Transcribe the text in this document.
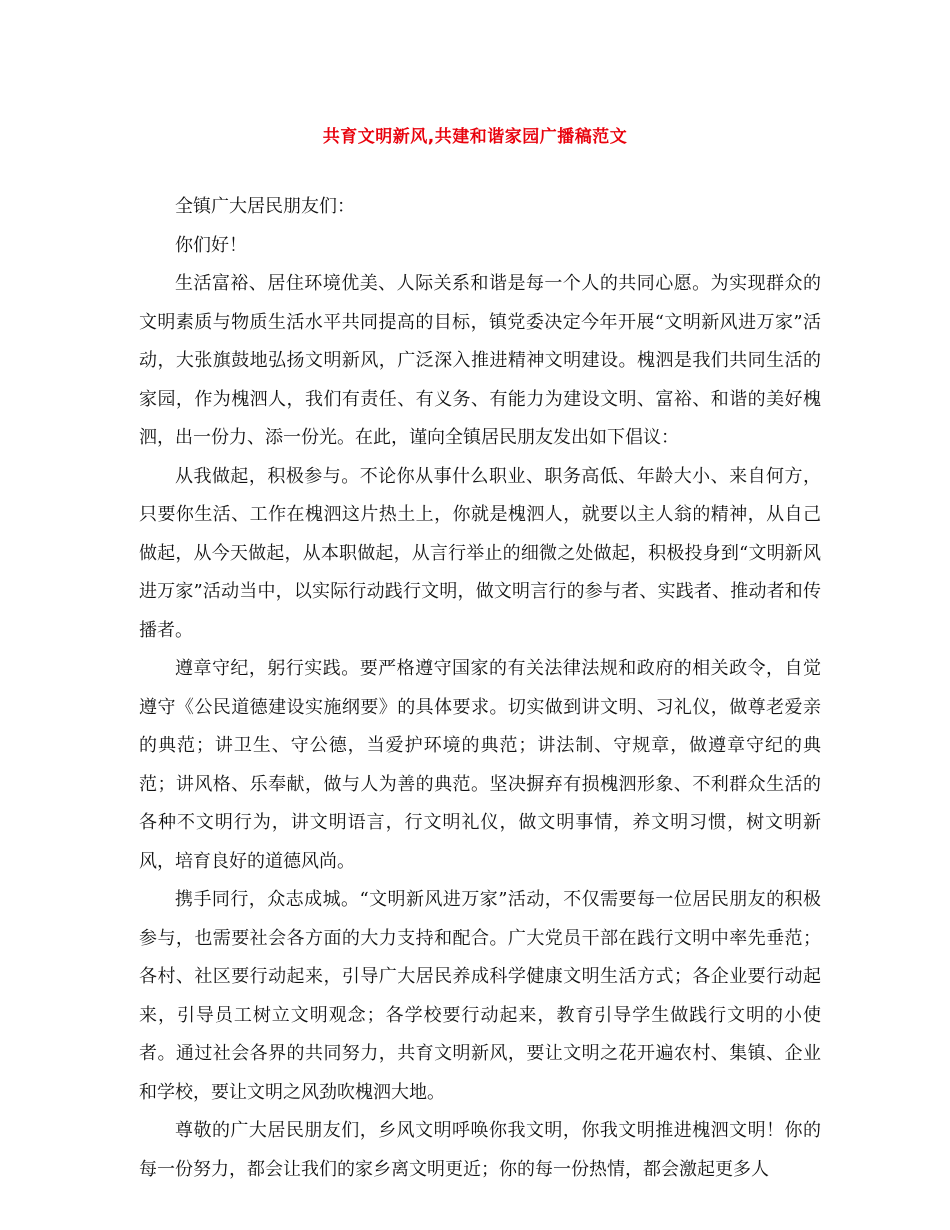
共育文明新风,共建和谐家园广播稿范文

全镇广大居民朋友们：

你们好！

生活富裕、居住环境优美、人际关系和谐是每一个人的共同心愿。为实现群众的文明素质与物质生活水平共同提高的目标，镇党委决定今年开展“文明新风进万家”活动，大张旗鼓地弘扬文明新风，广泛深入推进精神文明建设。槐泗是我们共同生活的家园，作为槐泗人，我们有责任、有义务、有能力为建设文明、富裕、和谐的美好槐泗，出一份力、添一份光。在此，谨向全镇居民朋友发出如下倡议：

从我做起，积极参与。不论你从事什么职业、职务高低、年龄大小、来自何方，只要你生活、工作在槐泗这片热土上，你就是槐泗人，就要以主人翁的精神，从自己做起，从今天做起，从本职做起，从言行举止的细微之处做起，积极投身到“文明新风进万家”活动当中，以实际行动践行文明，做文明言行的参与者、实践者、推动者和传播者。

遵章守纪，躬行实践。要严格遵守国家的有关法律法规和政府的相关政令，自觉遵守《公民道德建设实施纲要》的具体要求。切实做到讲文明、习礼仪，做尊老爱亲的典范；讲卫生、守公德，当爱护环境的典范；讲法制、守规章，做遵章守纪的典范；讲风格、乐奉献，做与人为善的典范。坚决摒弃有损槐泗形象、不利群众生活的各种不文明行为，讲文明语言，行文明礼仪，做文明事情，养文明习惯，树文明新风，培育良好的道德风尚。

携手同行，众志成城。“文明新风进万家”活动，不仅需要每一位居民朋友的积极参与，也需要社会各方面的大力支持和配合。广大党员干部在践行文明中率先垂范；各村、社区要行动起来，引导广大居民养成科学健康文明生活方式；各企业要行动起来，引导员工树立文明观念；各学校要行动起来，教育引导学生做践行文明的小使者。通过社会各界的共同努力，共育文明新风，要让文明之花开遍农村、集镇、企业和学校，要让文明之风劲吹槐泗大地。

尊敬的广大居民朋友们，乡风文明呼唤你我文明，你我文明推进槐泗文明！你的每一份努力，都会让我们的家乡离文明更近；你的每一份热情，都会激起更多人
